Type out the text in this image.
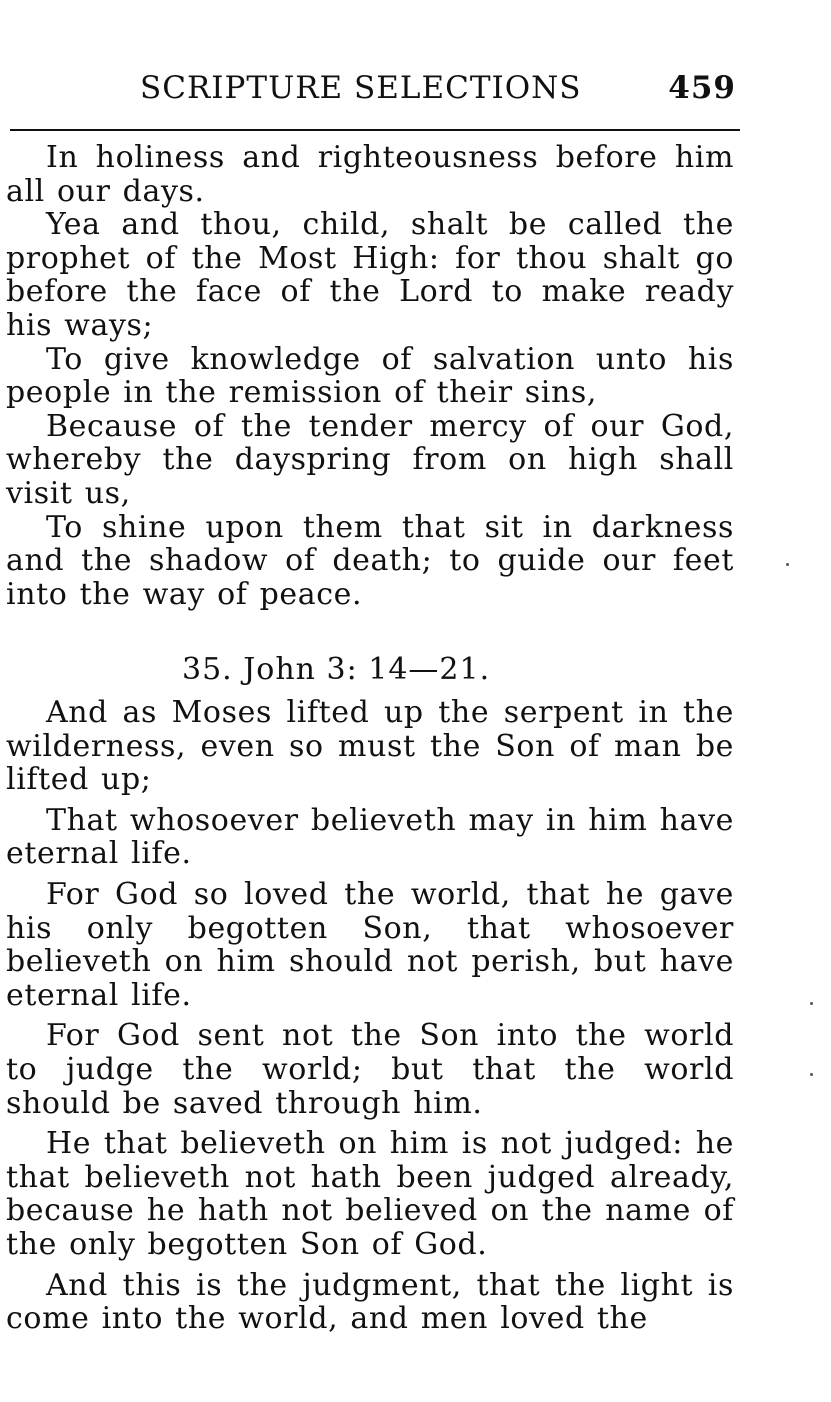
SCRIPTURE SELECTIONS	459

In holiness and righteousness before him all our days.

Yea and thou, child, shalt be called the prophet of the Most High: for thou shalt go before the face of the Lord to make ready his ways;

To give knowledge of salvation unto his people in the remission of their sins,

Because of the tender mercy of our God, whereby the dayspring from on high shall visit us,

To shine upon them that sit in darkness and the shadow of death; to guide our feet into the way of peace.

35. John 3: 14—21.

And as Moses lifted up the serpent in the wilderness, even so must the Son of man be lifted up;

That whosoever believeth may in him have eternal life.

For God so loved the world, that he gave his only begotten Son, that whosoever believeth on him should not perish, but have eternal life.

For God sent not the Son into the world to judge the world; but that the world should be saved through him.

He that believeth on him is not judged: he that believeth not hath been judged already, because he hath not believed on the name of the only begotten Son of God.

And this is the judgment, that the light is come into the world, and men loved the
